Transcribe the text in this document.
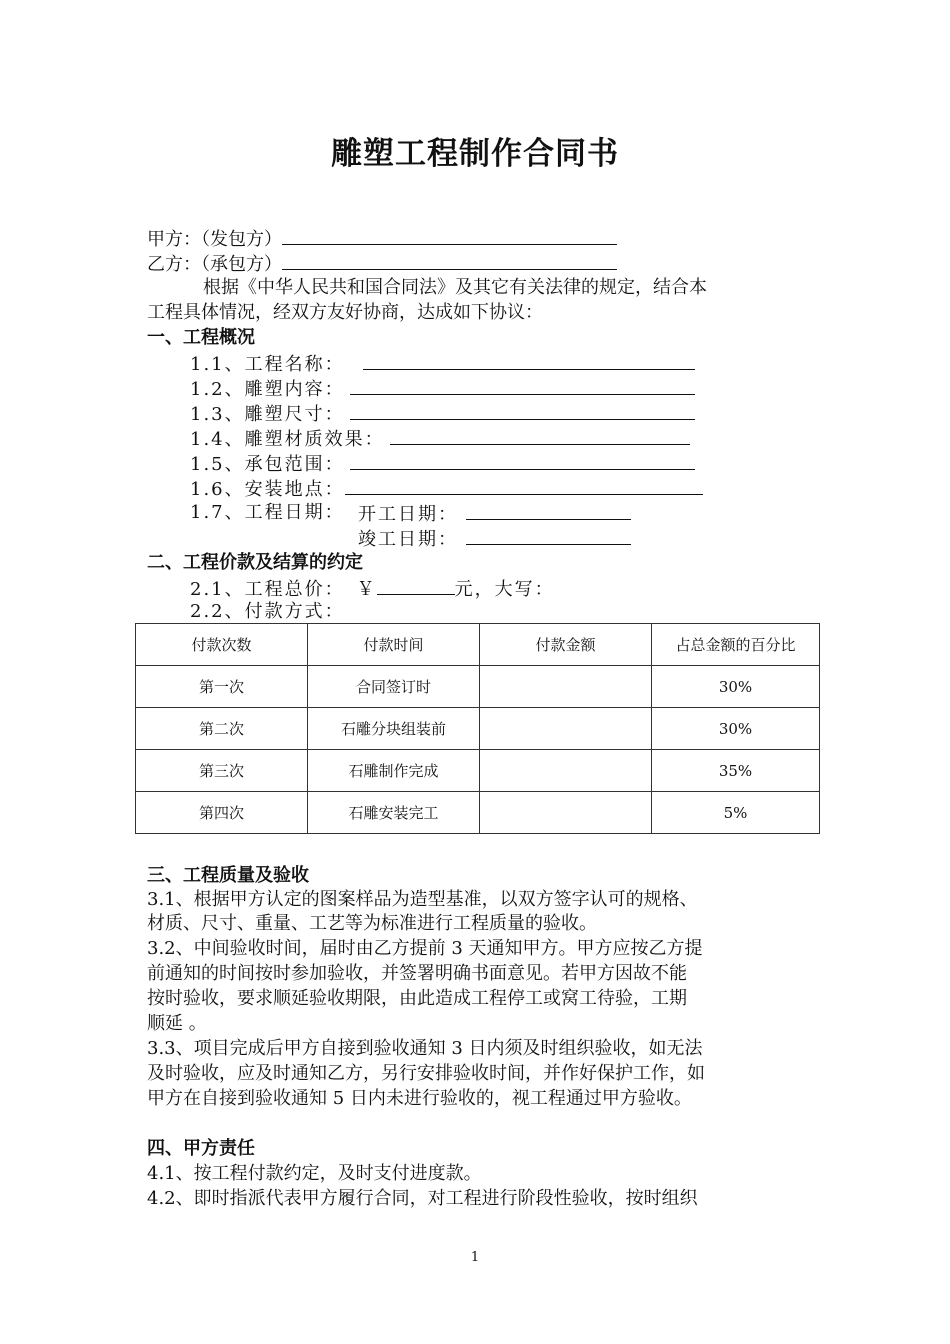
雕塑工程制作合同书
甲方：（发包方）
乙方：（承包方）
根据《中华人民共和国合同法》及其它有关法律的规定，结合本
工程具体情况，经双方友好协商，达成如下协议：
一、工程概况
1.1、工程名称：
1.2、雕塑内容：
1.3、雕塑尺寸：
1.4、雕塑材质效果：
1.5、承包范围：
1.6、安装地点：
1.7、工程日期： 开工日期：
竣工日期：
二、工程价款及结算的约定
2.1、工程总价： ￥	元，大写：
2.2、付款方式：
付款次数	付款时间	付款金额	占总金额的百分比
第一次	合同签订时		30%
第二次	石雕分块组装前		30%
第三次	石雕制作完成		35%
第四次	石雕安装完工		5%
三、工程质量及验收
3.1、根据甲方认定的图案样品为造型基准，以双方签字认可的规格、
材质、尺寸、重量、工艺等为标准进行工程质量的验收。
3.2、中间验收时间，届时由乙方提前 3 天通知甲方。甲方应按乙方提
前通知的时间按时参加验收，并签署明确书面意见。若甲方因故不能
按时验收，要求顺延验收期限，由此造成工程停工或窝工待验，工期
顺延 。
3.3、项目完成后甲方自接到验收通知 3 日内须及时组织验收，如无法
及时验收，应及时通知乙方，另行安排验收时间，并作好保护工作，如
甲方在自接到验收通知 5 日内未进行验收的，视工程通过甲方验收。
四、甲方责任
4.1、按工程付款约定，及时支付进度款。
4.2、即时指派代表甲方履行合同，对工程进行阶段性验收，按时组织
1
